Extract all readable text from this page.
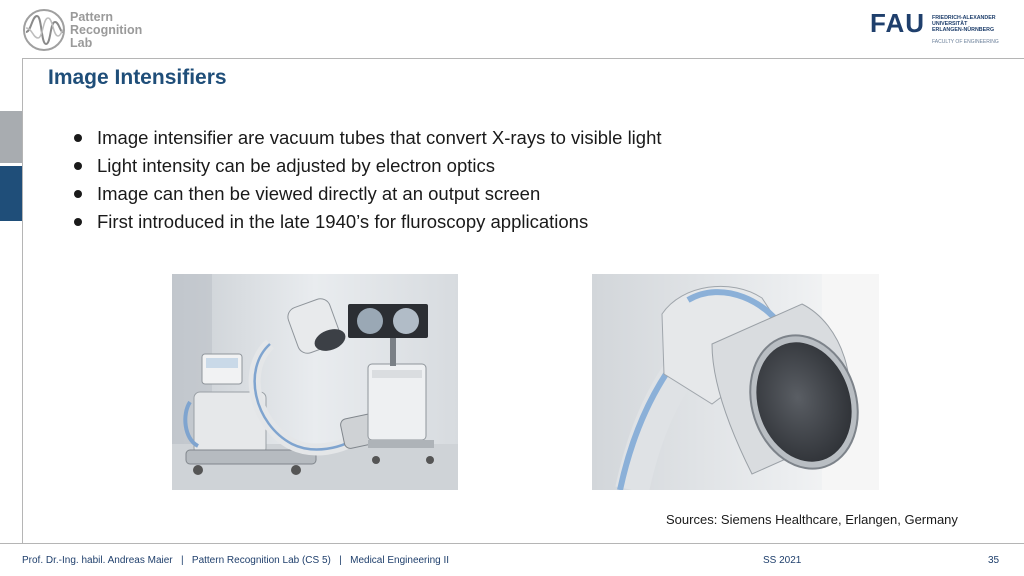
Pattern
Recognition
Lab
FAU FRIEDRICH-ALEXANDER
UNIVERSITÄT
ERLANGEN-NÜRNBERG
FACULTY OF ENGINEERING
Image Intensifiers
Image intensifier are vacuum tubes that convert X-rays to visible light
Light intensity can be adjusted by electron optics
Image can then be viewed directly at an output screen
First introduced in the late 1940’s for fluroscopy applications
Sources: Siemens Healthcare, Erlangen, Germany
Prof. Dr.-Ing. habil. Andreas Maier   |   Pattern Recognition Lab (CS 5)   |   Medical Engineering II	SS 2021	35
